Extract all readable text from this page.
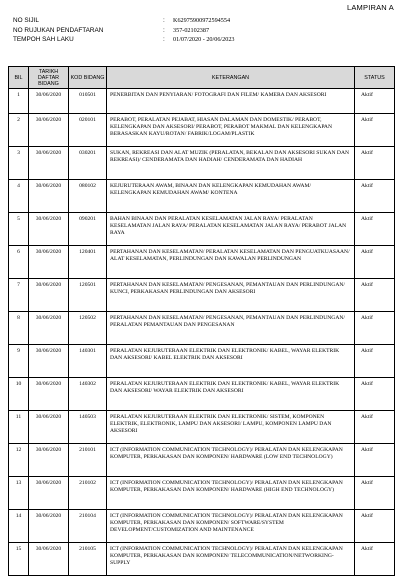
LAMPIRAN A
NO SIJIL	:	K62975900972594554
NO RUJUKAN PENDAFTARAN	:	357-02102387
TEMPOH SAH LAKU	:	01/07/2020 - 20/06/2023
BIL	TARIKH DAFTAR BIDANG	KOD BIDANG	KETERANGAN	STATUS
1	30/06/2020	010501	PENERBITAN DAN PENYIARAN/ FOTOGRAFI DAN FILEM/ KAMERA DAN AKSESORI	Aktif
2	30/06/2020	020101	PERABOT, PERALATAN PEJABAT, HIASAN DALAMAN DAN DOMESTIK/ PERABOT, KELENGKAPAN DAN AKSESORI/ PERABOT, PERABOT MAKMAL DAN KELENGKAPAN BERASASKAN KAYU/ROTAN/ FABRIK/LOGAM/PLASTIK	Aktif
3	30/06/2020	030201	SUKAN, REKREASI DAN ALAT MUZIK (PERALATAN, BEKALAN DAN AKSESORI SUKAN DAN REKREASI)/ CENDERAMATA DAN HADIAH/ CENDERAMATA DAN HADIAH	Aktif
4	30/06/2020	080102	KEJURUTERAAN AWAM, BINAAN DAN KELENGKAPAN KEMUDAHAN AWAM/ KELENGKAPAN KEMUDAHAN AWAM/ KONTENA	Aktif
5	30/06/2020	090201	BAHAN BINAAN DAN PERALATAN KESELAMATAN JALAN RAYA/ PERALATAN KESELAMATAN JALAN RAYA/ PERALATAN KESELAMATAN JALAN RAYA/ PERABOT JALAN RAYA	Aktif
6	30/06/2020	120401	PERTAHANAN DAN KESELAMATAN/ PERALATAN KESELAMATAN DAN PENGUATKUASAAN/ ALAT KESELAMATAN, PERLINDUNGAN DAN KAWALAN PERLINDUNGAN	Aktif
7	30/06/2020	120501	PERTAHANAN DAN KESELAMATAN/ PENGESANAN, PEMANTAUAN DAN PERLINDUNGAN/ KUNCI, PERKAKASAN PERLINDUNGAN DAN AKSESORI	Aktif
8	30/06/2020	120502	PERTAHANAN DAN KESELAMATAN/ PENGESANAN, PEMANTAUAN DAN PERLINDUNGAN/ PERALATAN PEMANTAUAN DAN PENGESANAN	Aktif
9	30/06/2020	140301	PERALATAN KEJURUTERAAN ELEKTRIK DAN ELEKTRONIK/ KABEL, WAYAR ELEKTRIK DAN AKSESORI/ KABEL ELEKTRIK DAN AKSESORI	Aktif
10	30/06/2020	140302	PERALATAN KEJURUTERAAN ELEKTRIK DAN ELEKTRONIK/ KABEL, WAYAR ELEKTRIK DAN AKSESORI/ WAYAR ELEKTRIK DAN AKSESORI	Aktif
11	30/06/2020	140503	PERALATAN KEJURUTERAAN ELEKTRIK DAN ELEKTRONIK/ SISTEM, KOMPONEN ELEKTRIK, ELEKTRONIK, LAMPU DAN AKSESORI/ LAMPU, KOMPONEN LAMPU DAN AKSESORI	Aktif
12	30/06/2020	210101	ICT (INFORMATION COMMUNICATION TECHNOLOGY)/ PERALATAN DAN KELENGKAPAN KOMPUTER, PERKAKASAN DAN KOMPONEN/ HARDWARE (LOW END TECHNOLOGY)	Aktif
13	30/06/2020	210102	ICT (INFORMATION COMMUNICATION TECHNOLOGY)/ PERALATAN DAN KELENGKAPAN KOMPUTER, PERKAKASAN DAN KOMPONEN/ HARDWARE (HIGH END TECHNOLOGY)	Aktif
14	30/06/2020	210104	ICT (INFORMATION COMMUNICATION TECHNOLOGY)/ PERALATAN DAN KELENGKAPAN KOMPUTER, PERKAKASAN DAN KOMPONEN/ SOFTWARE/SYSTEM DEVELOPMENT/CUSTOMIZATION AND MAINTENANCE	Aktif
15	30/06/2020	210105	ICT (INFORMATION COMMUNICATION TECHNOLOGY)/ PERALATAN DAN KELENGKAPAN KOMPUTER, PERKAKASAN DAN KOMPONEN/ TELECOMMUNICATION/NETWORKING-SUPPLY	Aktif
